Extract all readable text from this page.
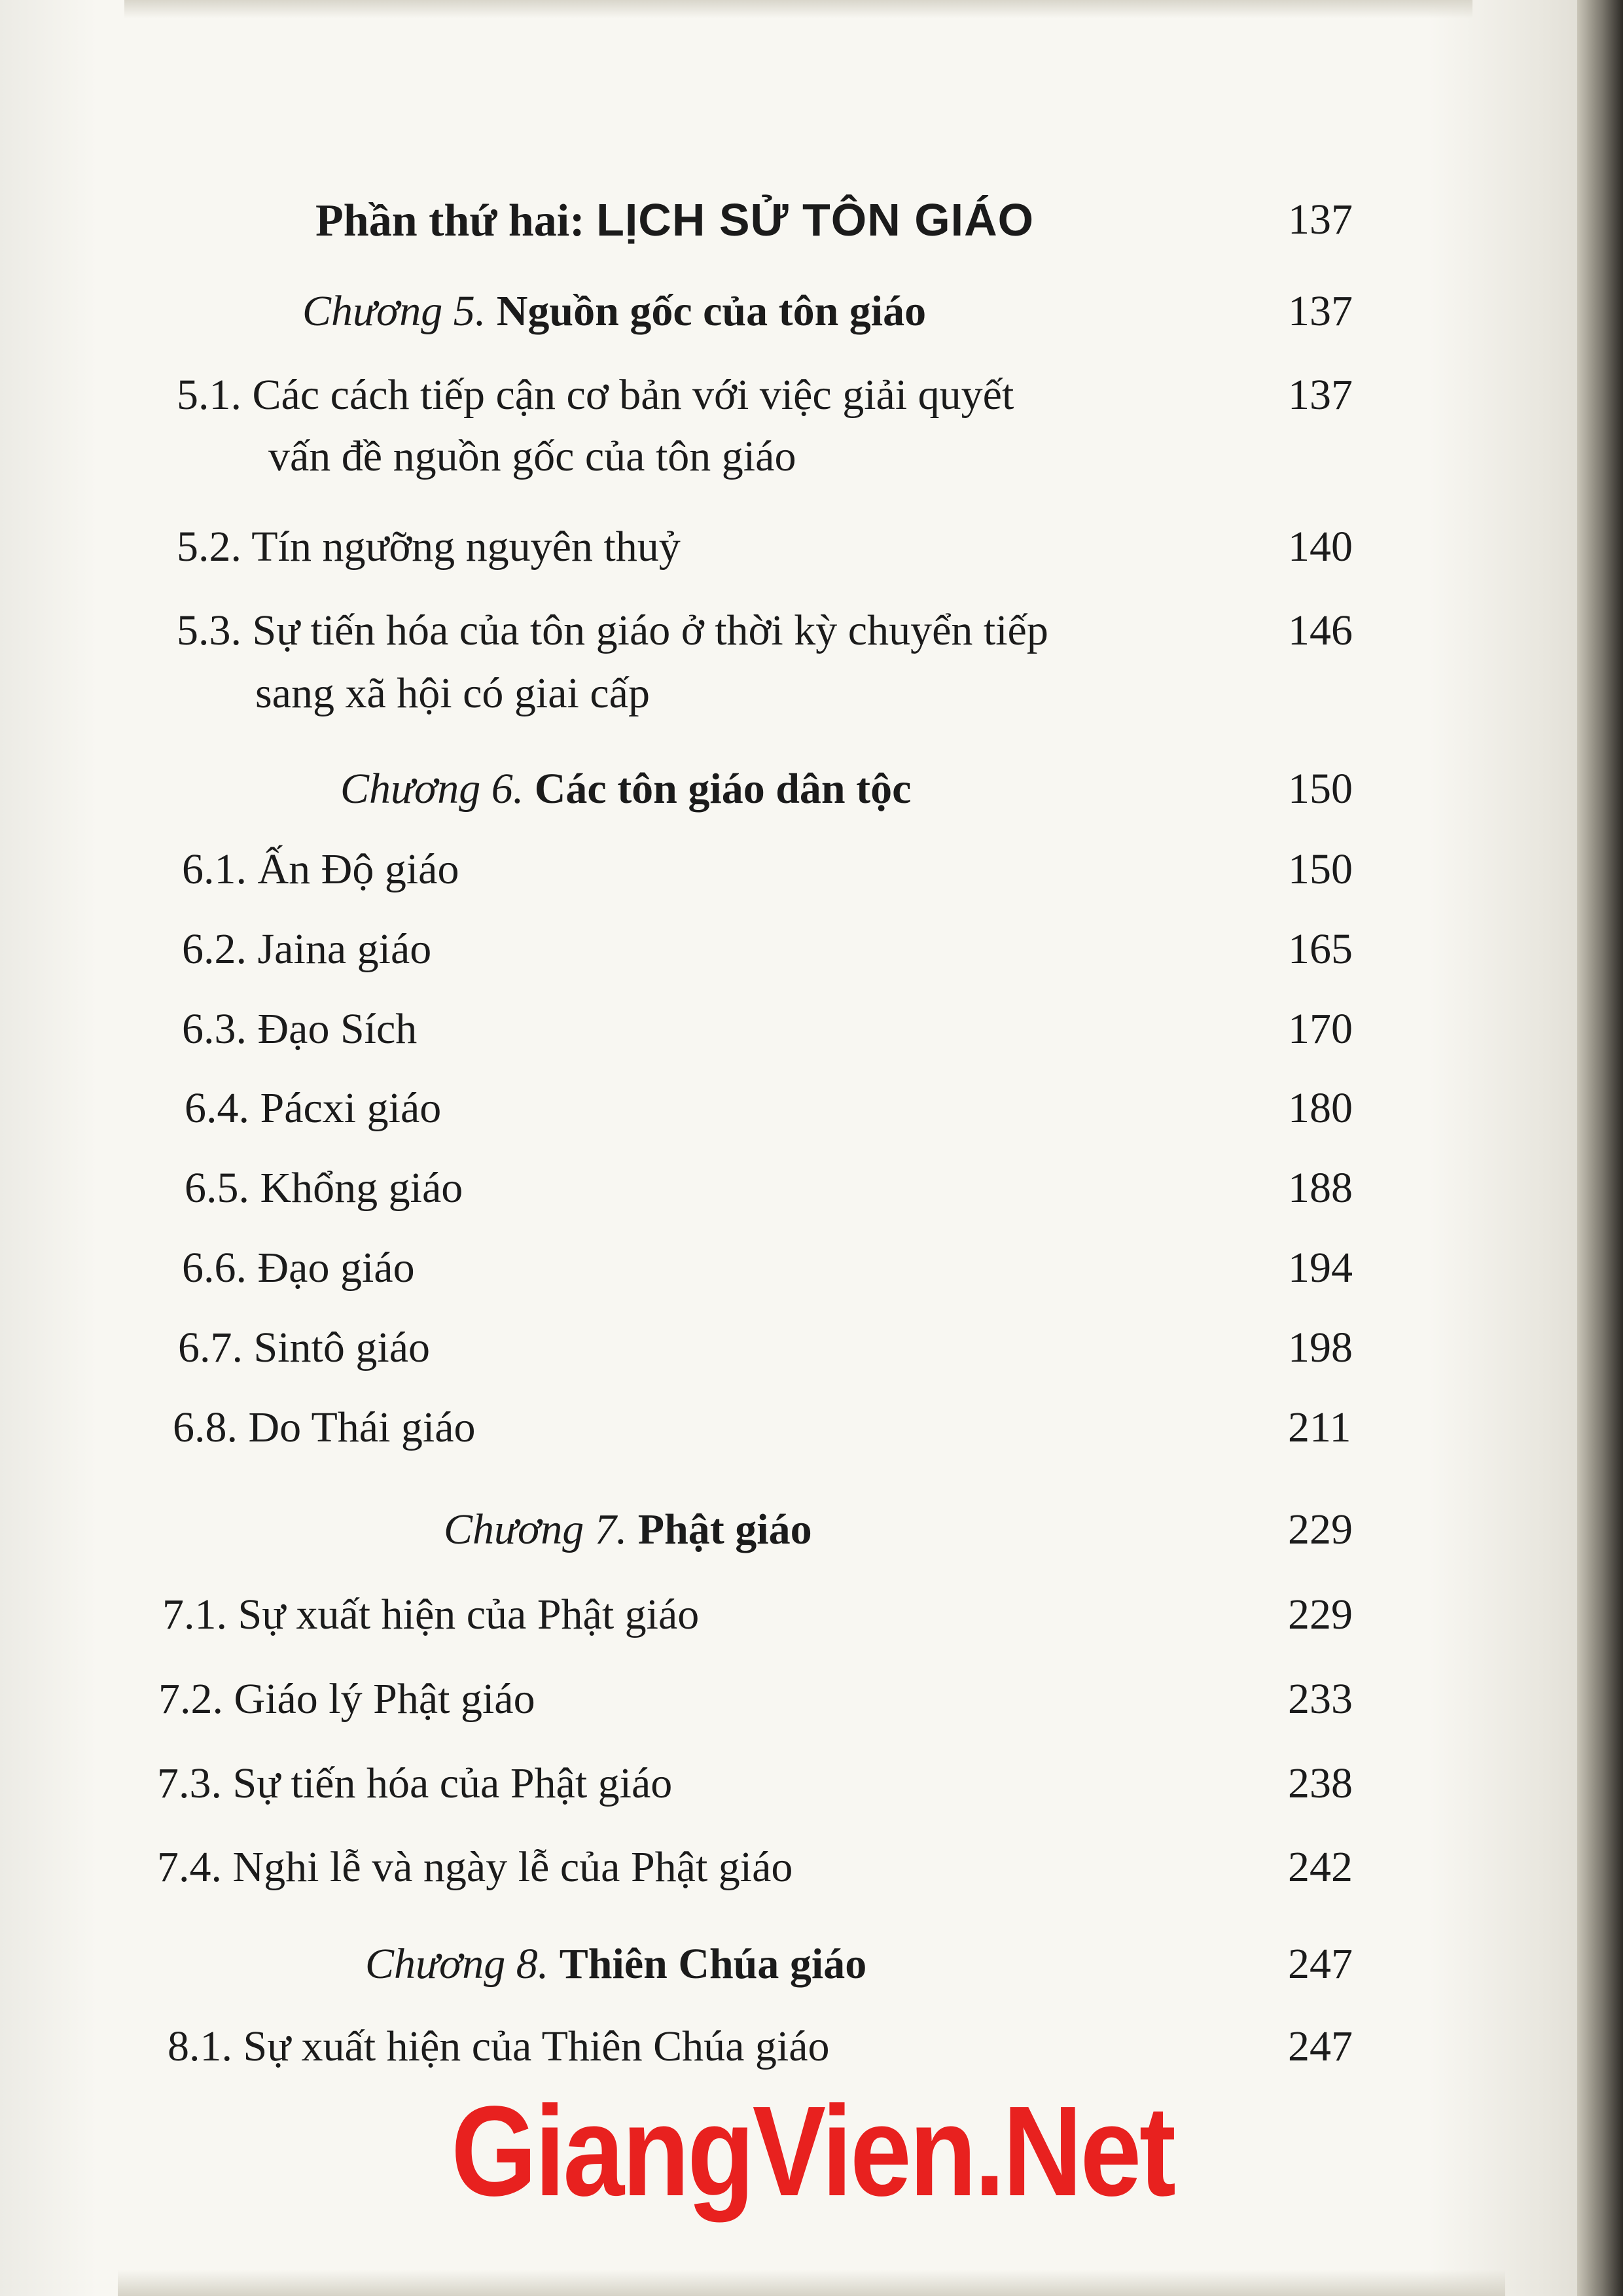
Phần thứ hai: LỊCH SỬ TÔN GIÁO	137
Chương 5. Nguồn gốc của tôn giáo	137
5.1. Các cách tiếp cận cơ bản với việc giải quyết	137
vấn đề nguồn gốc của tôn giáo
5.2. Tín ngưỡng nguyên thuỷ	140
5.3. Sự tiến hóa của tôn giáo ở thời kỳ chuyển tiếp	146
sang xã hội có giai cấp
Chương 6. Các tôn giáo dân tộc	150
6.1. Ấn Độ giáo	150
6.2. Jaina giáo	165
6.3. Đạo Sích	170
6.4. Pácxi giáo	180
6.5. Khổng giáo	188
6.6. Đạo giáo	194
6.7. Sintô giáo	198
6.8. Do Thái giáo	211
Chương 7. Phật giáo	229
7.1. Sự xuất hiện của Phật giáo	229
7.2. Giáo lý Phật giáo	233
7.3. Sự tiến hóa của Phật giáo	238
7.4. Nghi lễ và ngày lễ của Phật giáo	242
Chương 8. Thiên Chúa giáo	247
8.1. Sự xuất hiện của Thiên Chúa giáo	247
GiangVien.Net
